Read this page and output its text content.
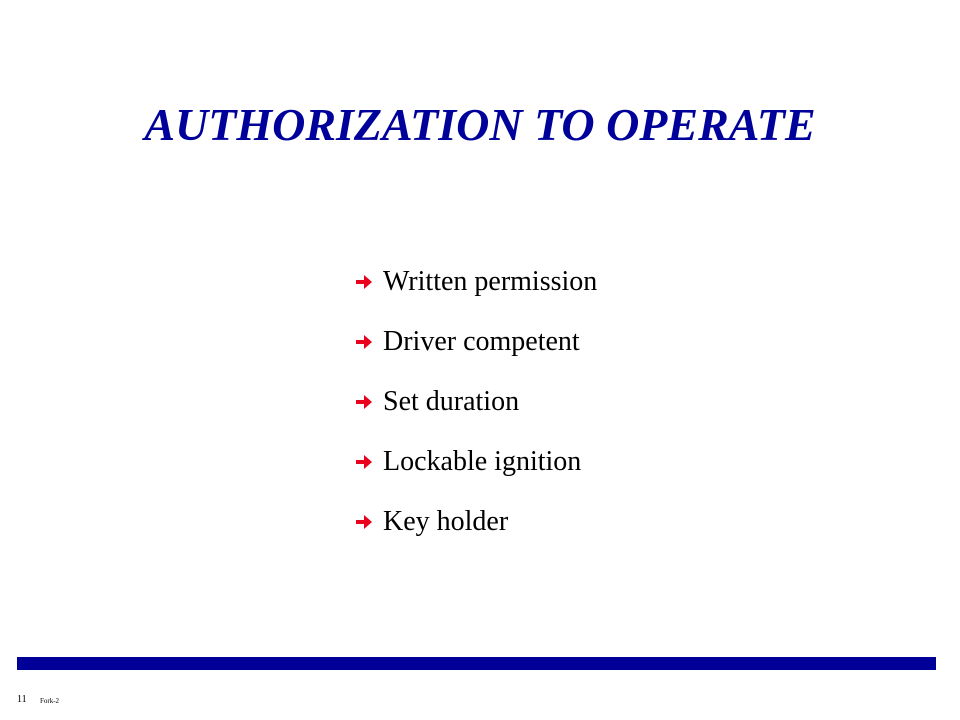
AUTHORIZATION TO OPERATE
Written permission
Driver competent
Set duration
Lockable ignition
Key holder
11 Fork-2
